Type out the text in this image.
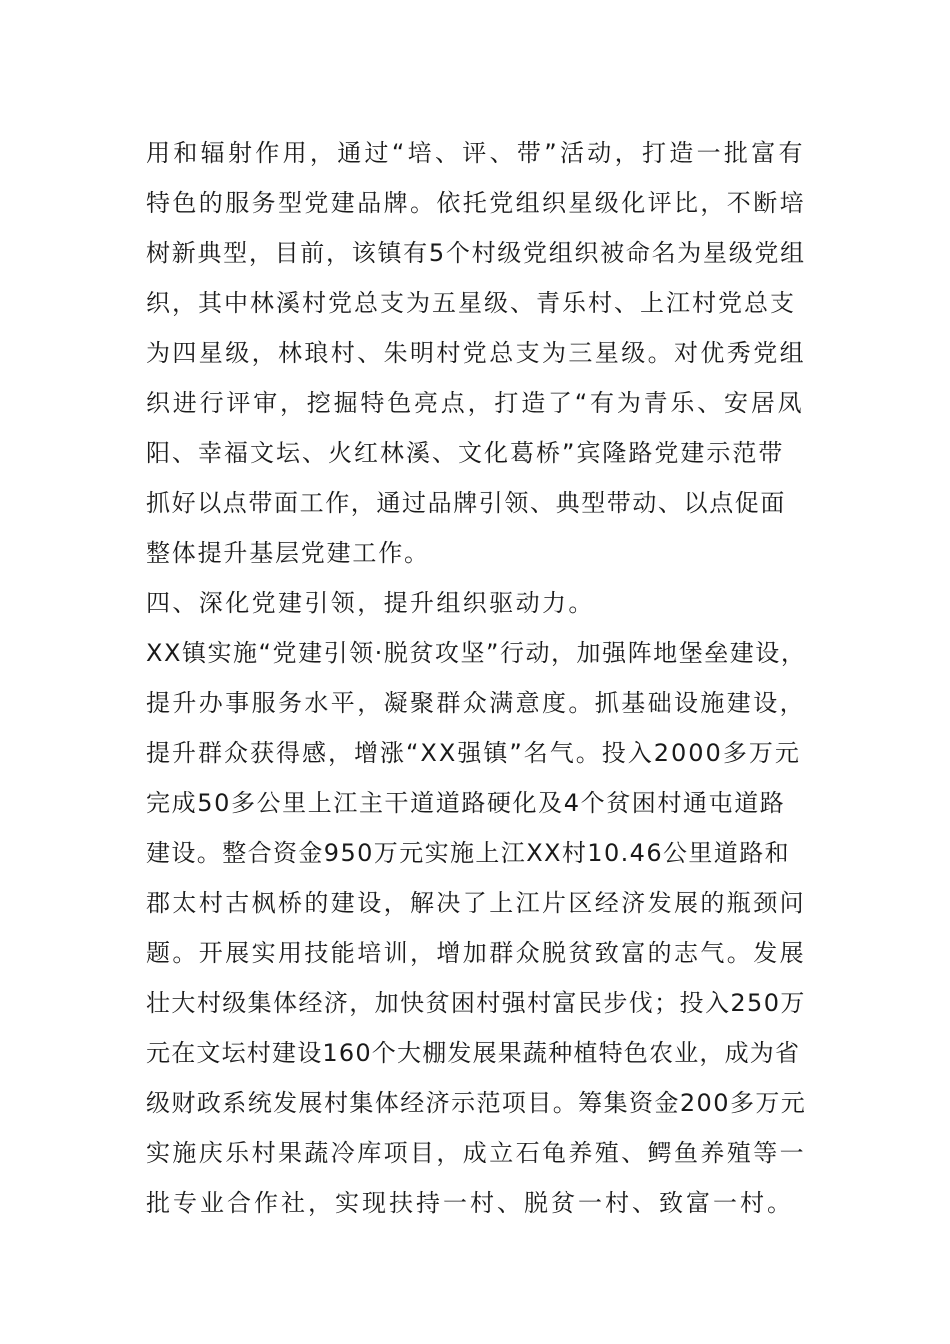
用和辐射作用，通过“培、评、带”活动，打造一批富有
特色的服务型党建品牌。依托党组织星级化评比，不断培
树新典型，目前，该镇有5个村级党组织被命名为星级党组
织，其中林溪村党总支为五星级、青乐村、上江村党总支
为四星级，林琅村、朱明村党总支为三星级。对优秀党组
织进行评审，挖掘特色亮点，打造了“有为青乐、安居凤
阳、幸福文坛、火红林溪、文化葛桥”宾隆路党建示范带
抓好以点带面工作，通过品牌引领、典型带动、以点促面
整体提升基层党建工作。
四、深化党建引领，提升组织驱动力。
XX镇实施“党建引领·脱贫攻坚”行动，加强阵地堡垒建设，
提升办事服务水平，凝聚群众满意度。抓基础设施建设，
提升群众获得感，增涨“XX强镇”名气。投入2000多万元
完成50多公里上江主干道道路硬化及4个贫困村通屯道路
建设。整合资金950万元实施上江XX村10.46公里道路和
郡太村古枫桥的建设，解决了上江片区经济发展的瓶颈问
题。开展实用技能培训，增加群众脱贫致富的志气。发展
壮大村级集体经济，加快贫困村强村富民步伐；投入250万
元在文坛村建设160个大棚发展果蔬种植特色农业，成为省
级财政系统发展村集体经济示范项目。筹集资金200多万元
实施庆乐村果蔬冷库项目，成立石龟养殖、鳄鱼养殖等一
批专业合作社，实现扶持一村、脱贫一村、致富一村。
